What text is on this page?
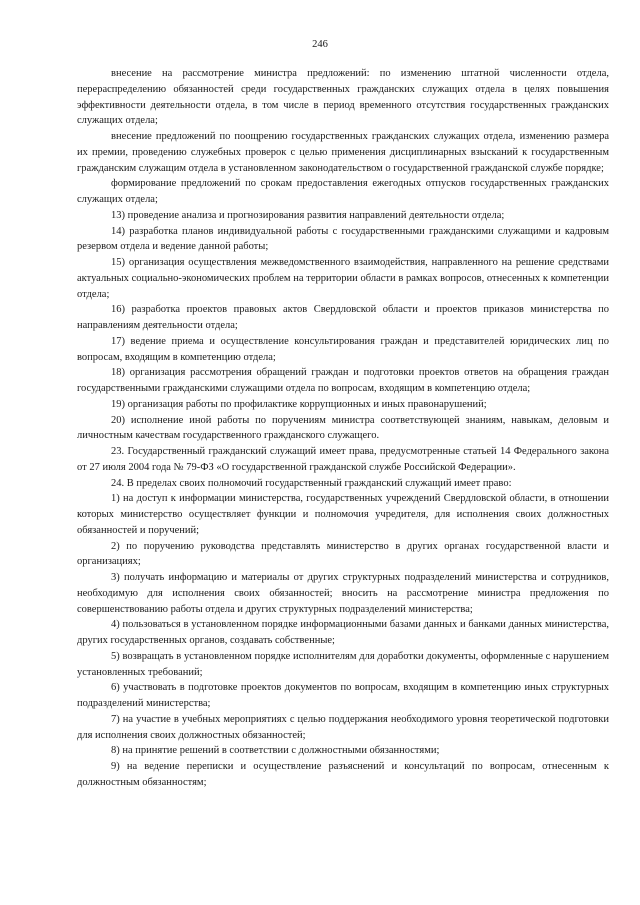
246

внесение на рассмотрение министра предложений: по изменению штатной численности отдела, перераспределению обязанностей среди государственных гражданских служащих отдела в целях повышения эффективности деятельности отдела, в том числе в период временного отсутствия государственных гражданских служащих отдела;

внесение предложений по поощрению государственных гражданских служащих отдела, изменению размера их премии, проведению служебных проверок с целью применения дисциплинарных взысканий к государственным гражданским служащим отдела в установленном законодательством о государственной гражданской службе порядке;

формирование предложений по срокам предоставления ежегодных отпусков государственных гражданских служащих отдела;

13) проведение анализа и прогнозирования развития направлений деятельности отдела;

14) разработка планов индивидуальной работы с государственными гражданскими служащими и кадровым резервом отдела и ведение данной работы;

15) организация осуществления межведомственного взаимодействия, направленного на решение средствами актуальных социально-экономических проблем на территории области в рамках вопросов, отнесенных к компетенции отдела;

16) разработка проектов правовых актов Свердловской области и проектов приказов министерства по направлениям деятельности отдела;

17) ведение приема и осуществление консультирования граждан и представителей юридических лиц по вопросам, входящим в компетенцию отдела;

18) организация рассмотрения обращений граждан и подготовки проектов ответов на обращения граждан государственными гражданскими служащими отдела по вопросам, входящим в компетенцию отдела;

19) организация работы по профилактике коррупционных и иных правонарушений;

20) исполнение иной работы по поручениям министра соответствующей знаниям, навыкам, деловым и личностным качествам государственного гражданского служащего.

23. Государственный гражданский служащий имеет права, предусмотренные статьей 14 Федерального закона от 27 июля 2004 года № 79-ФЗ «О государственной гражданской службе Российской Федерации».

24. В пределах своих полномочий государственный гражданский служащий имеет право:

1) на доступ к информации министерства, государственных учреждений Свердловской области, в отношении которых министерство осуществляет функции и полномочия учредителя, для исполнения своих должностных обязанностей и поручений;

2) по поручению руководства представлять министерство в других органах государственной власти и организациях;

3) получать информацию и материалы от других структурных подразделений министерства и сотрудников, необходимую для исполнения своих обязанностей; вносить на рассмотрение министра предложения по совершенствованию работы отдела и других структурных подразделений министерства;

4) пользоваться в установленном порядке информационными базами данных и банками данных министерства, других государственных органов, создавать собственные;

5) возвращать в установленном порядке исполнителям для доработки документы, оформленные с нарушением установленных требований;

6) участвовать в подготовке проектов документов по вопросам, входящим в компетенцию иных структурных подразделений министерства;

7) на участие в учебных мероприятиях с целью поддержания необходимого уровня теоретической подготовки для исполнения своих должностных обязанностей;

8) на принятие решений в соответствии с должностными обязанностями;

9) на ведение переписки и осуществление разъяснений и консультаций по вопросам, отнесенным к должностным обязанностям;
